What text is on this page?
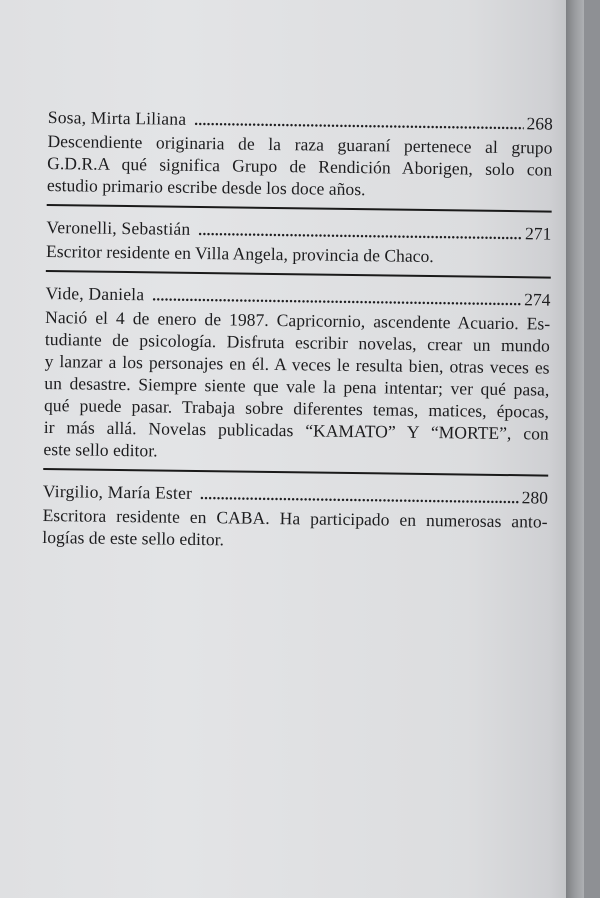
Sosa, Mirta Liliana .....	268
Descendiente originaria de la raza guaraní pertenece al grupo
G.D.R.A qué significa Grupo de Rendición Aborigen, solo con
estudio primario escribe desde los doce años.
Veronelli, Sebastián .....	271
Escritor residente en Villa Angela, provincia de Chaco.
Vide, Daniela .....	274
Nació el 4 de enero de 1987. Capricornio, ascendente Acuario. Es-
tudiante de psicología. Disfruta escribir novelas, crear un mundo
y lanzar a los personajes en él. A veces le resulta bien, otras veces es
un desastre. Siempre siente que vale la pena intentar; ver qué pasa,
qué puede pasar. Trabaja sobre diferentes temas, matices, épocas,
ir más allá. Novelas publicadas “KAMATO” Y “MORTE”, con
este sello editor.
Virgilio, María Ester .....	280
Escritora residente en CABA. Ha participado en numerosas anto-
logías de este sello editor.
